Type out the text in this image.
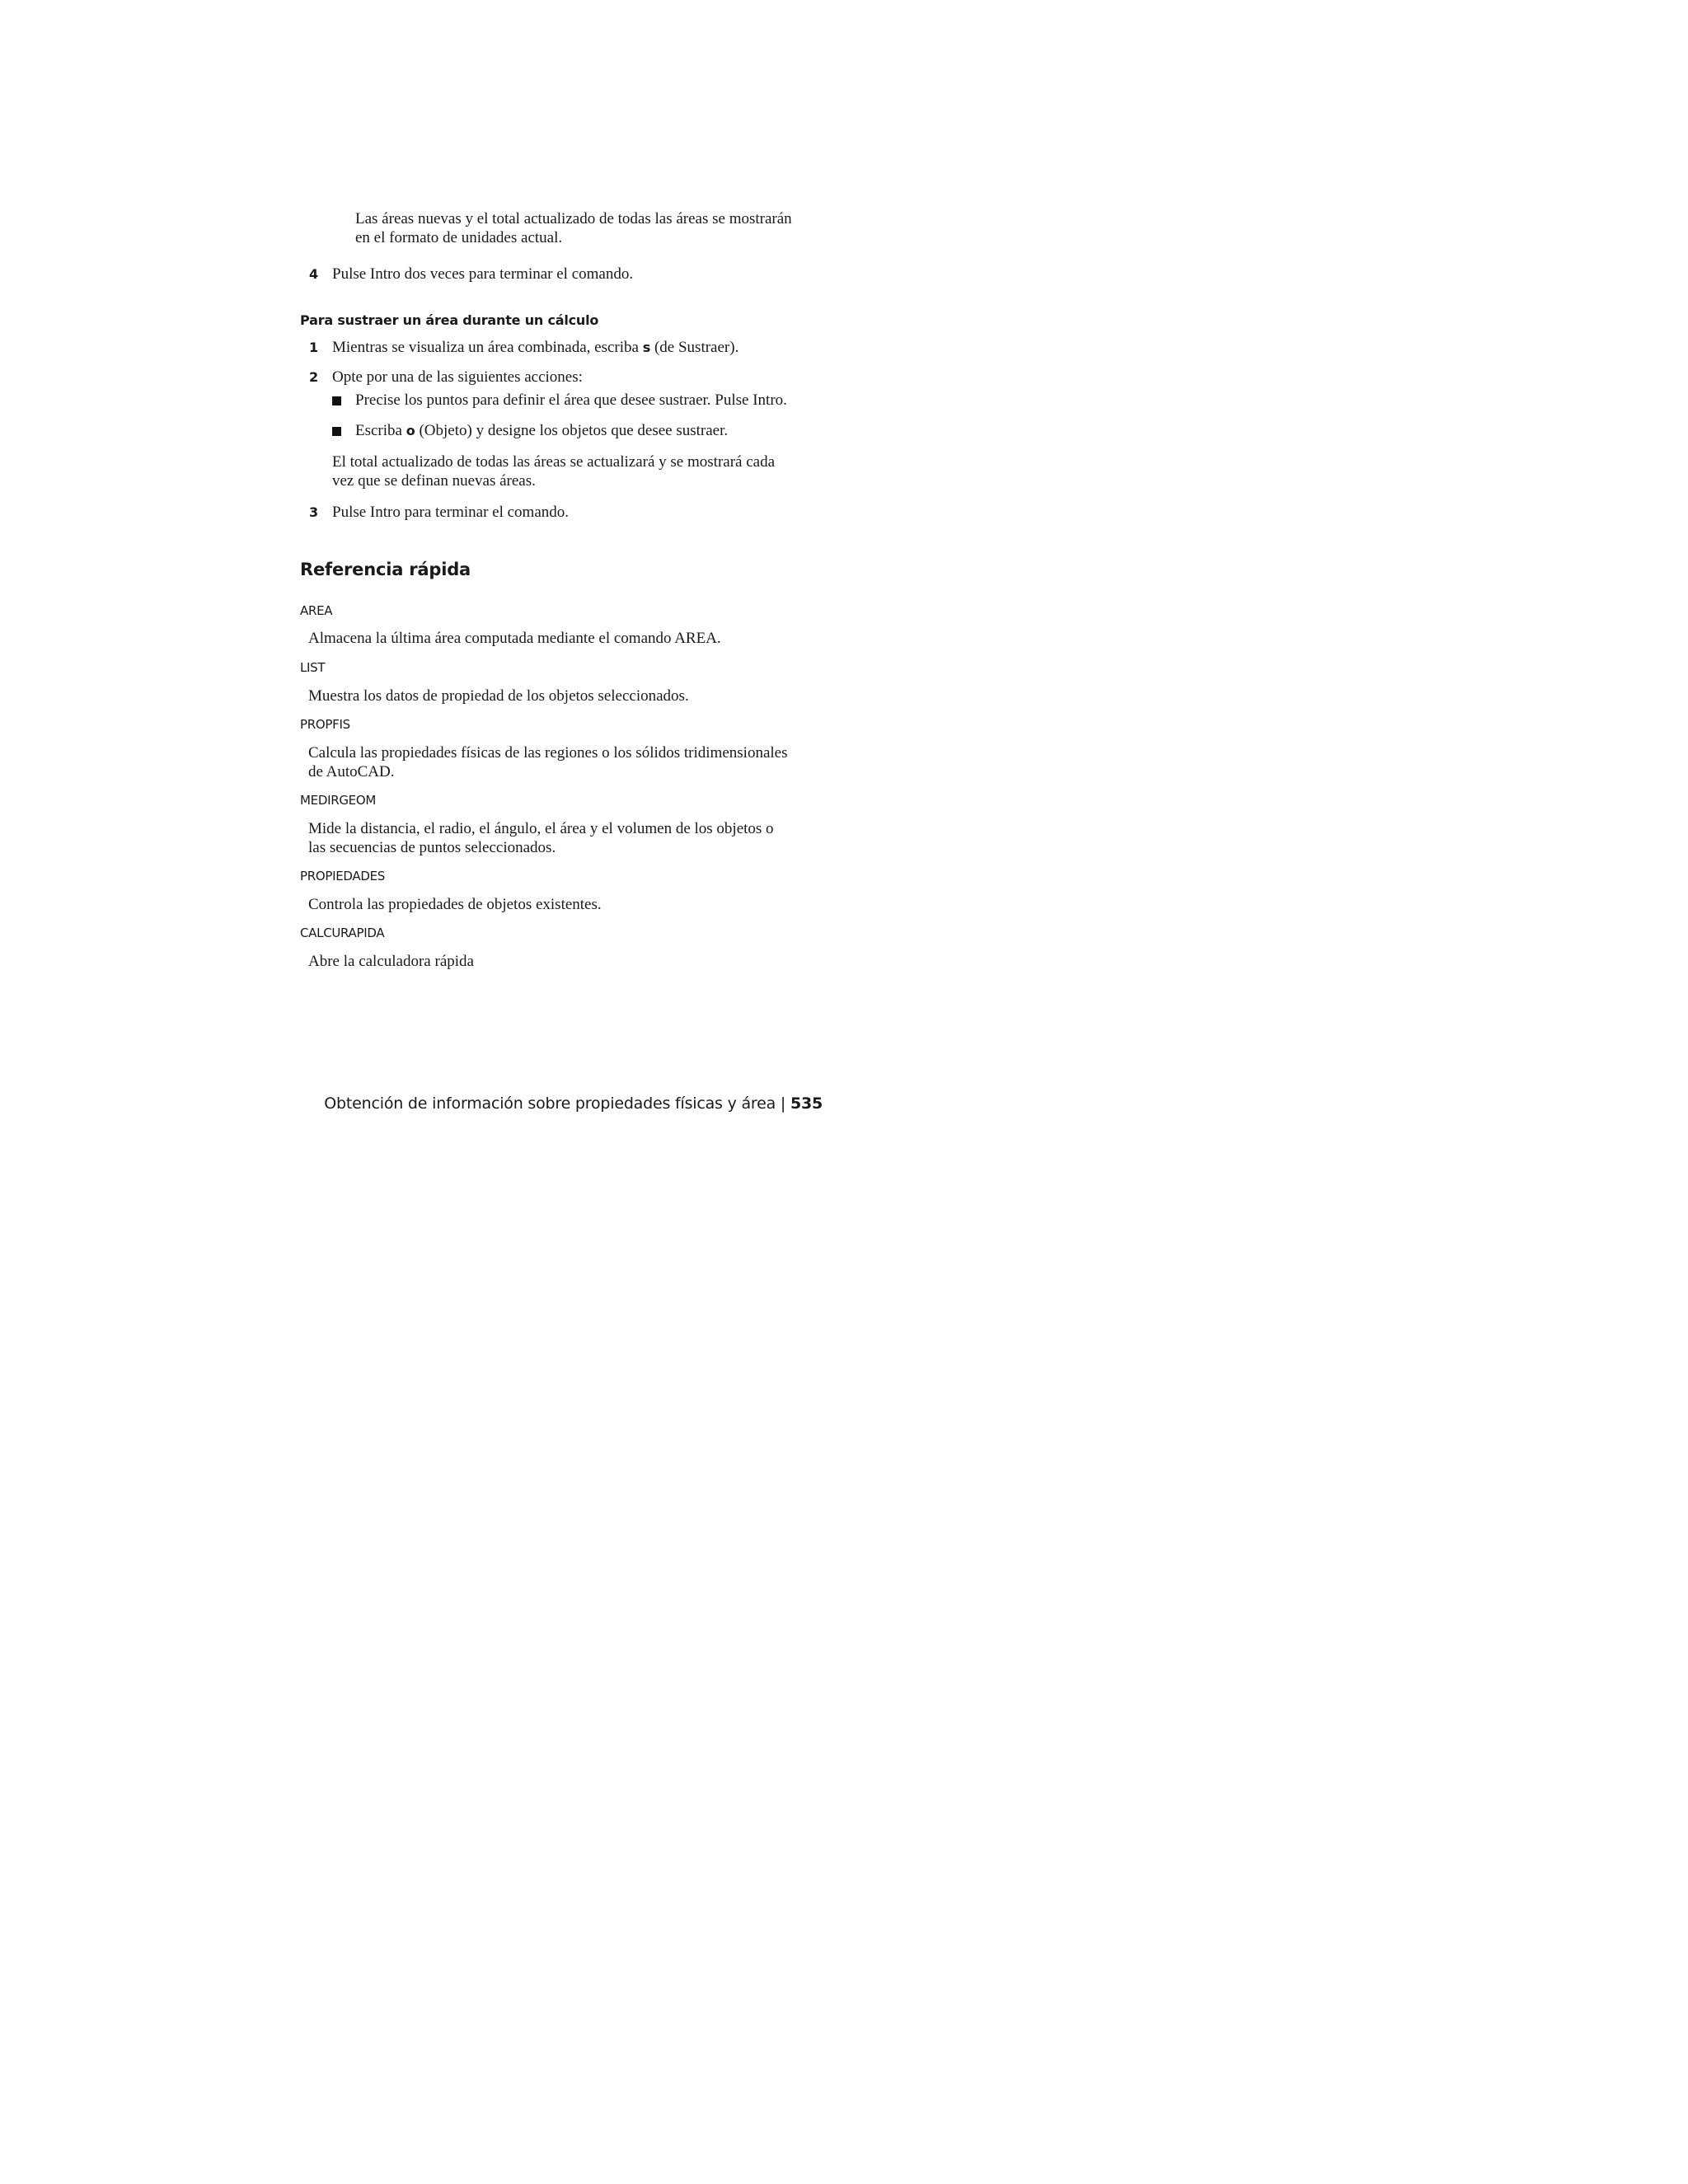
Las áreas nuevas y el total actualizado de todas las áreas se mostrarán

en el formato de unidades actual.

4 Pulse Intro dos veces para terminar el comando.

Para sustraer un área durante un cálculo
1 Mientras se visualiza un área combinada, escriba s (de Sustraer).

2 Opte por una de las siguientes acciones:

Precise los puntos para definir el área que desee sustraer. Pulse Intro.

Escriba o (Objeto) y designe los objetos que desee sustraer.

El total actualizado de todas las áreas se actualizará y se mostrará cada

vez que se definan nuevas áreas.

3 Pulse Intro para terminar el comando.

Referencia rápida
AREA

Almacena la última área computada mediante el comando AREA.

LIST

Muestra los datos de propiedad de los objetos seleccionados.

PROPFIS

Calcula las propiedades físicas de las regiones o los sólidos tridimensionales

de AutoCAD.

MEDIRGEOM

Mide la distancia, el radio, el ángulo, el área y el volumen de los objetos o

las secuencias de puntos seleccionados.

PROPIEDADES

Controla las propiedades de objetos existentes.

CALCURAPIDA

Abre la calculadora rápida

Obtención de información sobre propiedades físicas y área | 535
